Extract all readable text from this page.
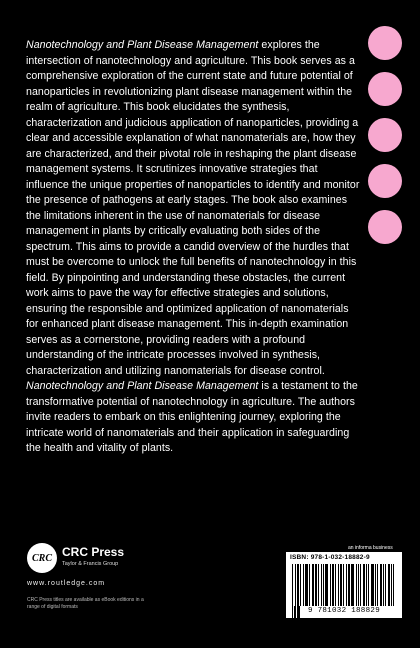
Nanotechnology and Plant Disease Management explores the intersection of nanotechnology and agriculture. This book serves as a comprehensive exploration of the current state and future potential of nanoparticles in revolutionizing plant disease management within the realm of agriculture. This book elucidates the synthesis, characterization and judicious application of nanoparticles, providing a clear and accessible explanation of what nanomaterials are, how they are characterized, and their pivotal role in reshaping the plant disease management systems. It scrutinizes innovative strategies that influence the unique properties of nanoparticles to identify and monitor the presence of pathogens at early stages. The book also examines the limitations inherent in the use of nanomaterials for disease management in plants by critically evaluating both sides of the spectrum. This aims to provide a candid overview of the hurdles that must be overcome to unlock the full benefits of nanotechnology in this field. By pinpointing and understanding these obstacles, the current work aims to pave the way for effective strategies and solutions, ensuring the responsible and optimized application of nanomaterials for enhanced plant disease management. This in-depth examination serves as a cornerstone, providing readers with a profound understanding of the intricate processes involved in synthesis, characterization and utilizing nanomaterials for disease control. Nanotechnology and Plant Disease Management is a testament to the transformative potential of nanotechnology in agriculture. The authors invite readers to embark on this enlightening journey, exploring the intricate world of nanomaterials and their application in safeguarding the health and vitality of plants.

CRC CRC Press
Taylor & Francis Group
www.routledge.com
CRC Press titles are available as eBook editions in a range of digital formats
an informa business
ISBN: 978-1-032-18882-9
9 781032 188829
